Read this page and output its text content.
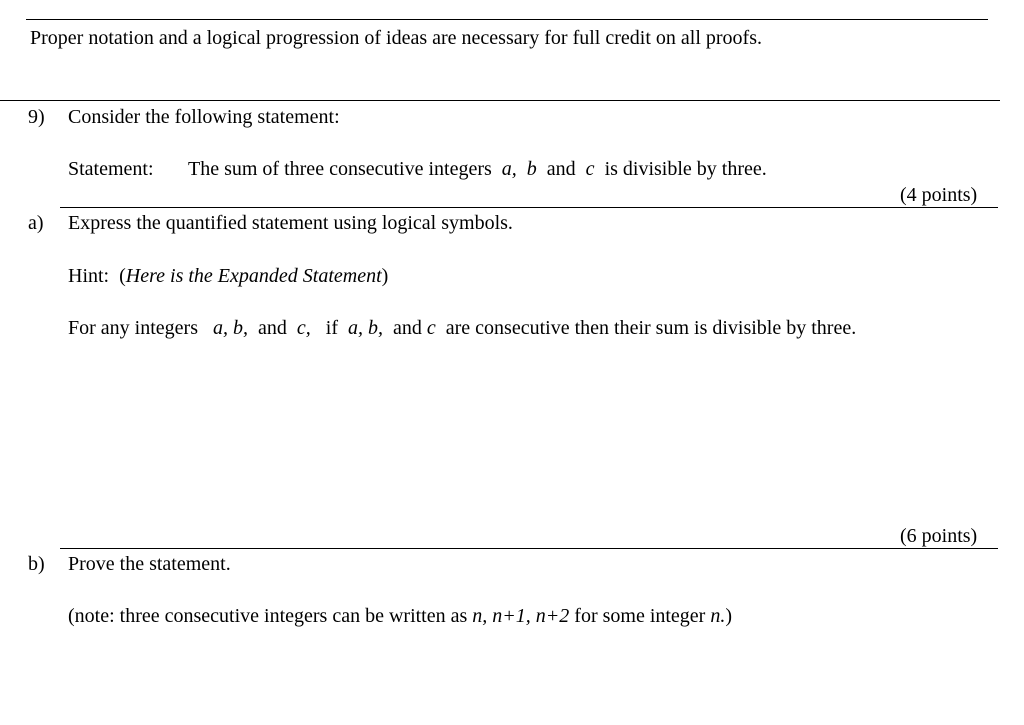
Proper notation and a logical progression of ideas are necessary for full credit on all proofs.
9) Consider the following statement:
Statement: The sum of three consecutive integers a, b and c is divisible by three.
(4 points)
a) Express the quantified statement using logical symbols.
Hint: (Here is the Expanded Statement)
For any integers a, b, and c, if a, b, and c are consecutive then their sum is divisible by three.
(6 points)
b) Prove the statement.
(note: three consecutive integers can be written as n, n+1, n+2 for some integer n.)
